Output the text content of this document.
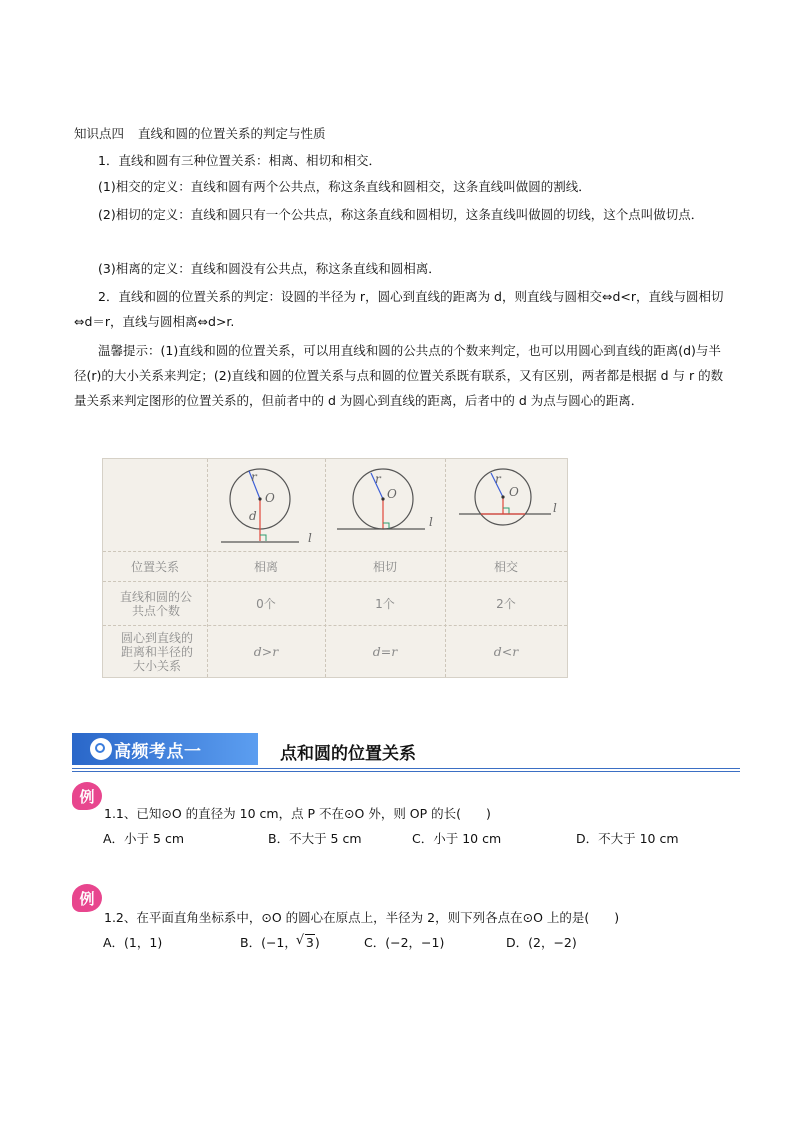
知识点四 直线和圆的位置关系的判定与性质
1．直线和圆有三种位置关系：相离、相切和相交．
(1)相交的定义：直线和圆有两个公共点，称这条直线和圆相交，这条直线叫做圆的割线．
(2)相切的定义：直线和圆只有一个公共点，称这条直线和圆相切，这条直线叫做圆的切线，这个点叫做切点．
(3)相离的定义：直线和圆没有公共点，称这条直线和圆相离．
2．直线和圆的位置关系的判定：设圆的半径为 r，圆心到直线的距离为 d，则直线与圆相交⇔d<r，直线与圆相切⇔d＝r，直线与圆相离⇔d>r.
温馨提示：(1)直线和圆的位置关系，可以用直线和圆的公共点的个数来判定，也可以用圆心到直线的距离(d)与半径(r)的大小关系来判定；(2)直线和圆的位置关系与点和圆的位置关系既有联系，又有区别，两者都是根据 d 与 r 的数量关系来判定图形的位置关系的，但前者中的 d 为圆心到直线的距离，后者中的 d 为点与圆心的距离．
r
O
d
l
r
O
l
r
O
l
位置关系
直线和圆的公共点个数
圆心到直线的距离和半径的大小关系
相离	相切	相交
0个	1个	2个
d>r	d=r	d<r
高频考点一	点和圆的位置关系
例
1.1、已知⊙O 的直径为 10 cm，点 P 不在⊙O 外，则 OP 的长(　　)
A．小于 5 cm	B．不大于 5 cm	C．小于 10 cm	D．不大于 10 cm
例
1.2、在平面直角坐标系中，⊙O 的圆心在原点上，半径为 2，则下列各点在⊙O 上的是(　　)
A．(1，1)	B．(−1，√ 3)	C．(−2，−1)	D．(2，−2)
